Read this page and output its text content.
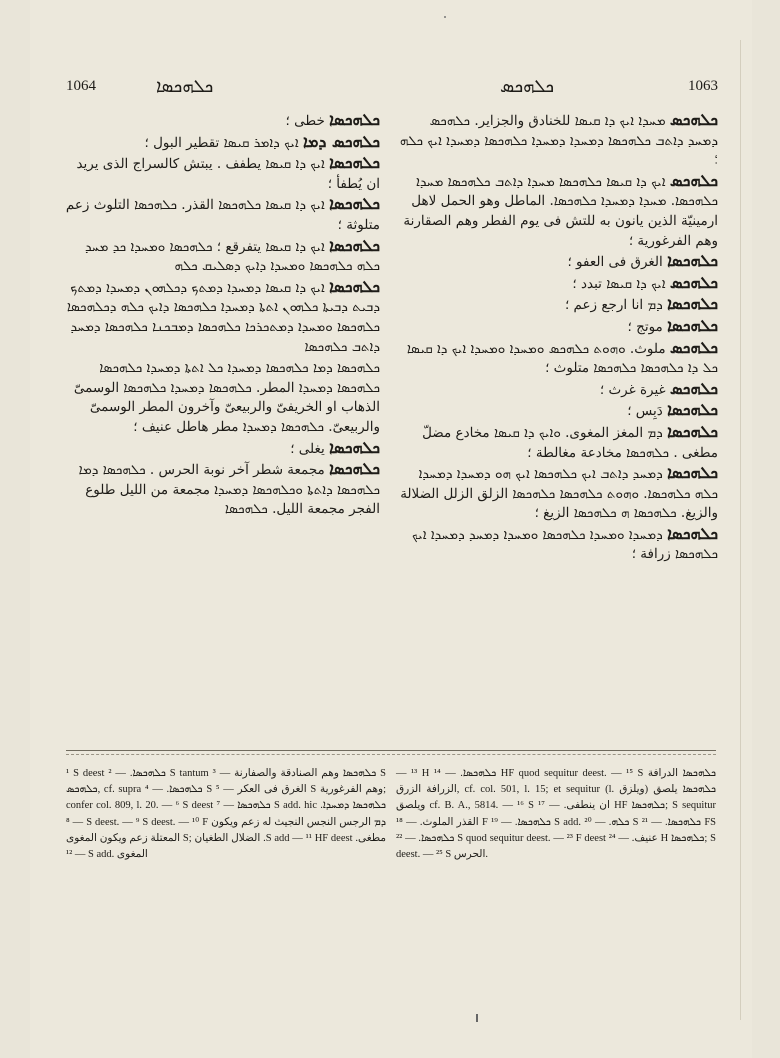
1064	ܟܠܗܟܣܐ	ܟܠܗܟܣ	1063

ܟܠܗܟܣܐ خطی ؛

ܟܠܗܟܣ ܕܡܐ ܐܝܟ ܕܐܡܪ ܩܝܣܐ تقطير البول ؛

ܟܠܗܟܣܐ ܐܝܟ ܕܐ ܩܝܣܐ يطفف . يبتش كالسراج الذی يريد ان يُطفأ ؛

ܟܠܗܟܣܐ ܐܝܟ ܕܐ ܩܝܣܐ ܟܠܗܟܣܐ القذر. ܟܠܗܟܣܐ التلوث زعم متلوثة ؛

ܟܠܗܟܣܐ ܐܝܟ ܕܐ ܩܝܣܐ يتفرقع ؛ ܟܠܗܟܣܐ ܘܡܚܕܐ ܟܕ ܡܚܕ ܟܠܗ ܟܠܗܟܣܐ ܘܡܚܕܐ ܕܐܝܟ ܕܣܠܝܩ ܟܠܗ

ܟܠܗܟܣܐ ܐܝܟ ܕܐ ܩܝܣܐ ܕܡܚܕܐ ܕܡܬܟ ܕܟܠܗܘܢ ܕܡܚܕܐ ܕܡܬܟ ܕܒܝܬ ܕܒܝܬܐ ܟܠܗܘܢ ܐܬܬܐ ܕܡܚܕܐ ܟܠܗܟܣܐ ܕܐܝܟ ܟܠܗ ܕܟܠܗܟܣܐ ܟܠܗܟܣܐ ܘܡܚܕܐ ܕܡܬܟܪܟܐ ܟܠܗܟܣܐ ܕܡܒܟܢܐ ܟܠܗܟܣܐ ܕܡܚܕ ܕܐܬܒ ܟܠܗܟܣܐ

ܟܠܗܟܣܐ ܕܡܐ ܟܠܗܟܣܐ ܕܡܚܕܐ ܟܠ ܐܬܬܐ ܕܡܚܕܐ ܟܠܗܟܣܐ ܟܠܗܟܣܐ ܕܡܚܕܐ المطر. ܟܠܗܟܣܐ ܕܡܚܕܐ ܟܠܗܟܣܐ الوسمیّ الذهاب او الخريفیّ والربيعیّ وآخرون المطر الوسمیّ والربيعیّ. ܟܠܗܟܣܐ ܕܡܚܕܐ مطر هاطل عنيف ؛

ܟܠܗܟܣܐ يغلی ؛

ܟܠܗܟܣܐ مجمعة شطر آخر نوبة الحرس . ܟܠܗܟܣܐ ܕܡܐ ܟܠܗܟܣܐ ܕܐܬܬܐ ܘܟܠܗܟܣܐ ܕܡܚܕܐ مجمعة من الليل طلوع الفجر مجمعة الليل. ܟܠܗܟܣܐ

ܟܠܗܟܣ ܡܚܕܐ ܐܝܟ ܕܐ ܩܝܣܐ للخنادق والجزاير. ܟܠܗܟܣ ܕܡܚܕ ܕܐܬܒ ܟܠܗܟܣܐ ܕܡܚܕܐ ܕܡܚܕܐ ܟܠܗܟܣܐ ܕܡܚܕܐ ܐܝܟ ܟܠܗ ؛

ܟܠܗܟܣ ܐܝܟ ܕܐ ܩܝܣܐ ܟܠܗܟܣܐ ܡܚܕܐ ܕܐܬܒ ܟܠܗܟܣܐ ܡܚܕܐ ܟܠܗܟܣܐ. ܡܚܕܐ ܕܡܚܕܐ ܟܠܗܟܣܐ. الماطل وهو الحمل لاهل ارمينيّة الذين يانون به للتش فی يوم الفطر وهم الصقارنة وهم الفرغورية ؛

ܟܠܗܟܣܐ الغرق فی العفو ؛

ܟܠܗܟܣ ܐܝܟ ܕܐ ܩܝܣܐ تبدد ؛

ܟܠܗܟܣܐ ܕܡ انا ارجع زعم ؛

ܟܠܗܟܣܐ موتج ؛

ܟܠܗܟܣ ملوث. ܘܗܘܬ ܟܠܗܟܣ ܘܡܚܕܐ ܘܡܚܕܐ ܐܝܟ ܕܐ ܩܝܣܐ ܟܠ ܕܐ ܟܠܗܟܣܐ ܟܠܗܟܣܐ متلوث ؛

ܟܠܗܟܣ غيرة غرث ؛

ܟܠܗܟܣܐ دَبِس ؛

ܟܠܗܟܣܐ ܕܡ المغز المغوی. ܘܐܝܟ ܕܐ ܩܝܣܐ مخادع مضلّ مطغی . ܟܠܗܟܣܐ مخادعة مغالطة ؛

ܟܠܗܟܣܐ ܕܡܚܕ ܕܐܬܒ ܐܝܟ ܟܠܗܟܣܐ ܐܝܟ ܗܘ ܕܡܚܕܐ ܕܡܚܕܐ ܟܠܗ ܟܠܗܟܣܐ. ܘܗܘܬ ܟܠܗܟܣܐ ܟܠܗܟܣܐ الزلق الزلل الضلالة والزيغ. ܟܠܗܟܣܐ ܗ ܟܠܗܟܣܐ الزيغ ؛

ܟܠܗܟܣܐ ܕܡܚܕܐ ܘܡܚܕܐ ܟܠܗܟܣܐ ܘܡܚܕܐ ܕܡܚܕ ܕܡܚܕܐ ܐܝܟ ܟܠܗܟܣܐ زرافة ؛

¹ S deest ܟܠܗܟܣܐ. — ² S tantum ܟܠܗܟܣܐ وهم الصنادقة والصفارنة — ³ S ܟܠܗܟܣ, cf. supra ܟܠܗܟܣܐ. — ⁴ S الغرق فی العكر — ⁵ S وهم الفرغورية; confer col. 809, l. 20. — ⁶ S deest ܟܠܗܟܣܐ — ⁷ S add. hic ܟܠܗܟܣܐ ܕܡܚܕܐ. — ⁸ S deest. — ⁹ S deest. — ¹⁰ F ܕܡ الرجس النجس النجيث له زعم ويكون المعتلة زعم ويكون المغوی S; الضلال الطغيان .S add — ¹¹ HF deest مطغی. — ¹² S add. المغوی

— ¹³ H ܟܠܗܟܣܐ. — ¹⁴ HF quod sequitur deest. — ¹⁵ S ܟܠܗܟܣܐ الدرافة الزرافة الزرق, cf. col. 501, l. 15; et sequitur (l. ويلزق) ܟܠܗܟܣܐ يلصق ويلصق cf. B. A., 5814. — ¹⁶ S ان ينطفی. — ¹⁷ HF ܟܠܗܟܣܐ; S sequitur القذر الملوث. — ¹⁸ F ܟܠܗܟܣܐ. — ¹⁹ S add. ܟܠܗ. — ²⁰ S ܟܠܗܟܣܐ. — ²¹ FS ܟܠܗܟܣܐ. — ²² S quod sequitur deest. — ²³ F deest عنيف. — ²⁴ H ܟܠܗܟܣܐ; S deest. — ²⁵ S الحرس.
